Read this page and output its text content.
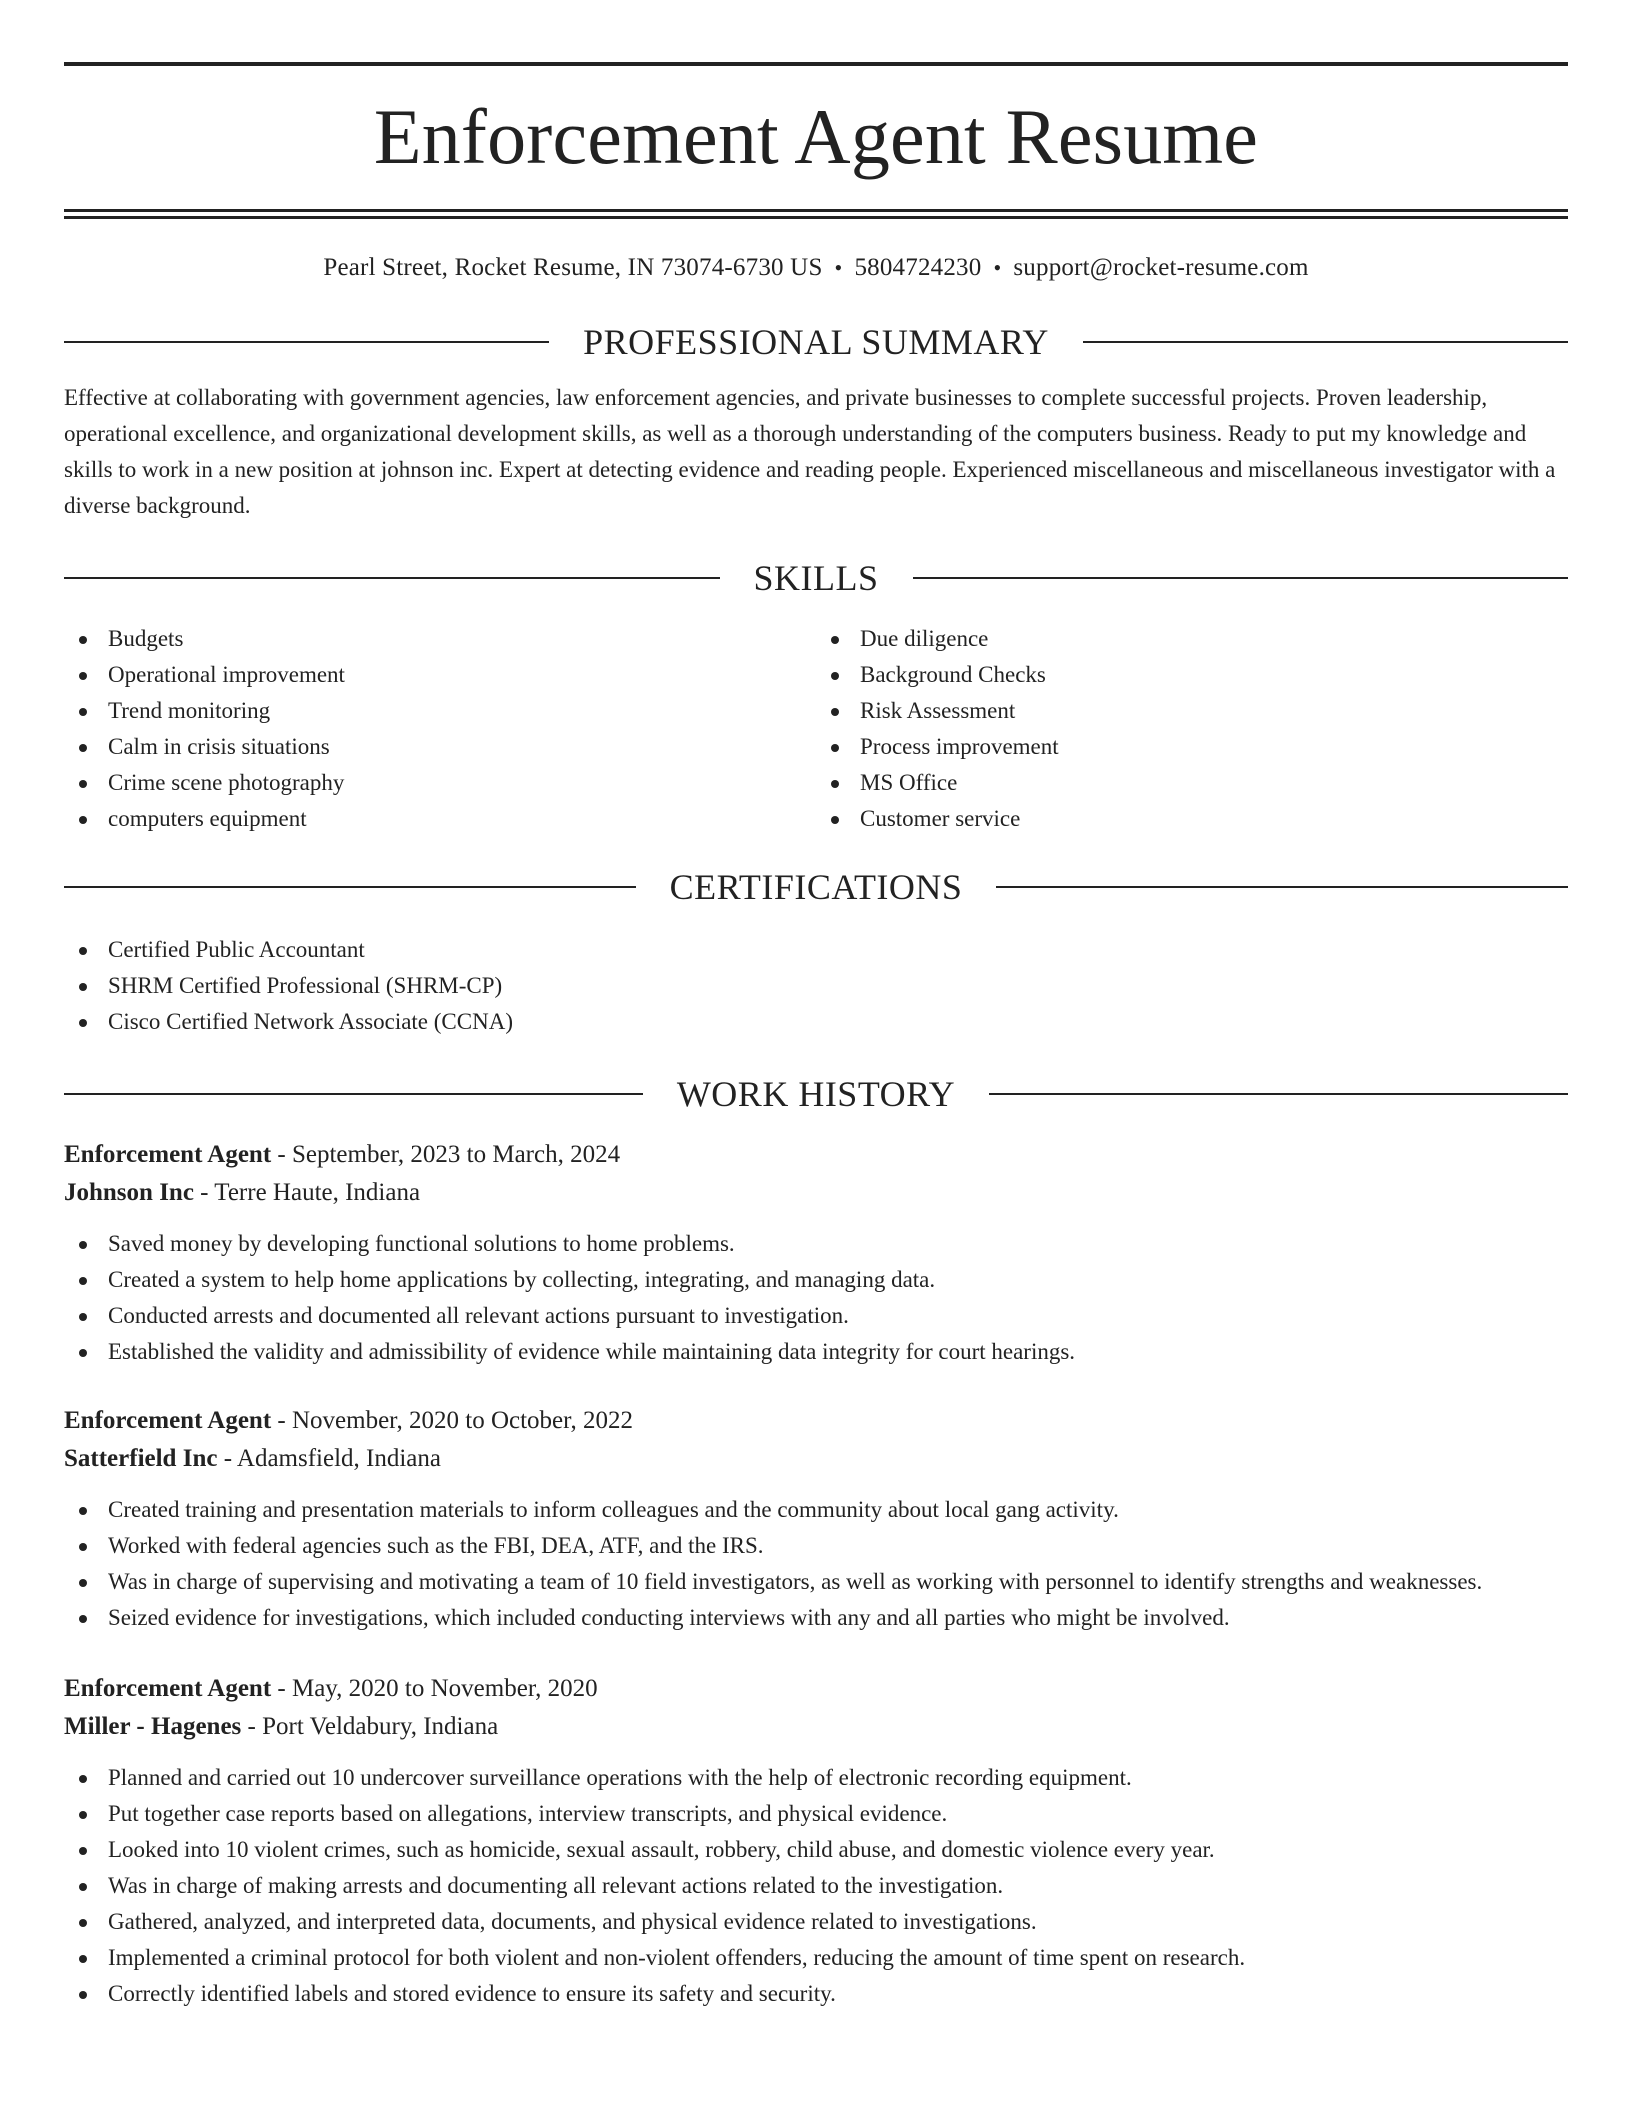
Enforcement Agent Resume
Pearl Street, Rocket Resume, IN 73074-6730 US • 5804724230 • support@rocket-resume.com
PROFESSIONAL SUMMARY

Effective at collaborating with government agencies, law enforcement agencies, and private businesses to complete successful projects. Proven leadership, operational excellence, and organizational development skills, as well as a thorough understanding of the computers business. Ready to put my knowledge and skills to work in a new position at johnson inc. Expert at detecting evidence and reading people. Experienced miscellaneous and miscellaneous investigator with a diverse background.

SKILLS
Budgets
Operational improvement
Trend monitoring
Calm in crisis situations
Crime scene photography
computers equipment
Due diligence
Background Checks
Risk Assessment
Process improvement
MS Office
Customer service
CERTIFICATIONS
Certified Public Accountant
SHRM Certified Professional (SHRM-CP)
Cisco Certified Network Associate (CCNA)
WORK HISTORY
Enforcement Agent - September, 2023 to March, 2024
Johnson Inc - Terre Haute, Indiana
Saved money by developing functional solutions to home problems.
Created a system to help home applications by collecting, integrating, and managing data.
Conducted arrests and documented all relevant actions pursuant to investigation.
Established the validity and admissibility of evidence while maintaining data integrity for court hearings.
Enforcement Agent - November, 2020 to October, 2022
Satterfield Inc - Adamsfield, Indiana
Created training and presentation materials to inform colleagues and the community about local gang activity.
Worked with federal agencies such as the FBI, DEA, ATF, and the IRS.
Was in charge of supervising and motivating a team of 10 field investigators, as well as working with personnel to identify strengths and weaknesses.
Seized evidence for investigations, which included conducting interviews with any and all parties who might be involved.
Enforcement Agent - May, 2020 to November, 2020
Miller - Hagenes - Port Veldabury, Indiana
Planned and carried out 10 undercover surveillance operations with the help of electronic recording equipment.
Put together case reports based on allegations, interview transcripts, and physical evidence.
Looked into 10 violent crimes, such as homicide, sexual assault, robbery, child abuse, and domestic violence every year.
Was in charge of making arrests and documenting all relevant actions related to the investigation.
Gathered, analyzed, and interpreted data, documents, and physical evidence related to investigations.
Implemented a criminal protocol for both violent and non-violent offenders, reducing the amount of time spent on research.
Correctly identified labels and stored evidence to ensure its safety and security.
